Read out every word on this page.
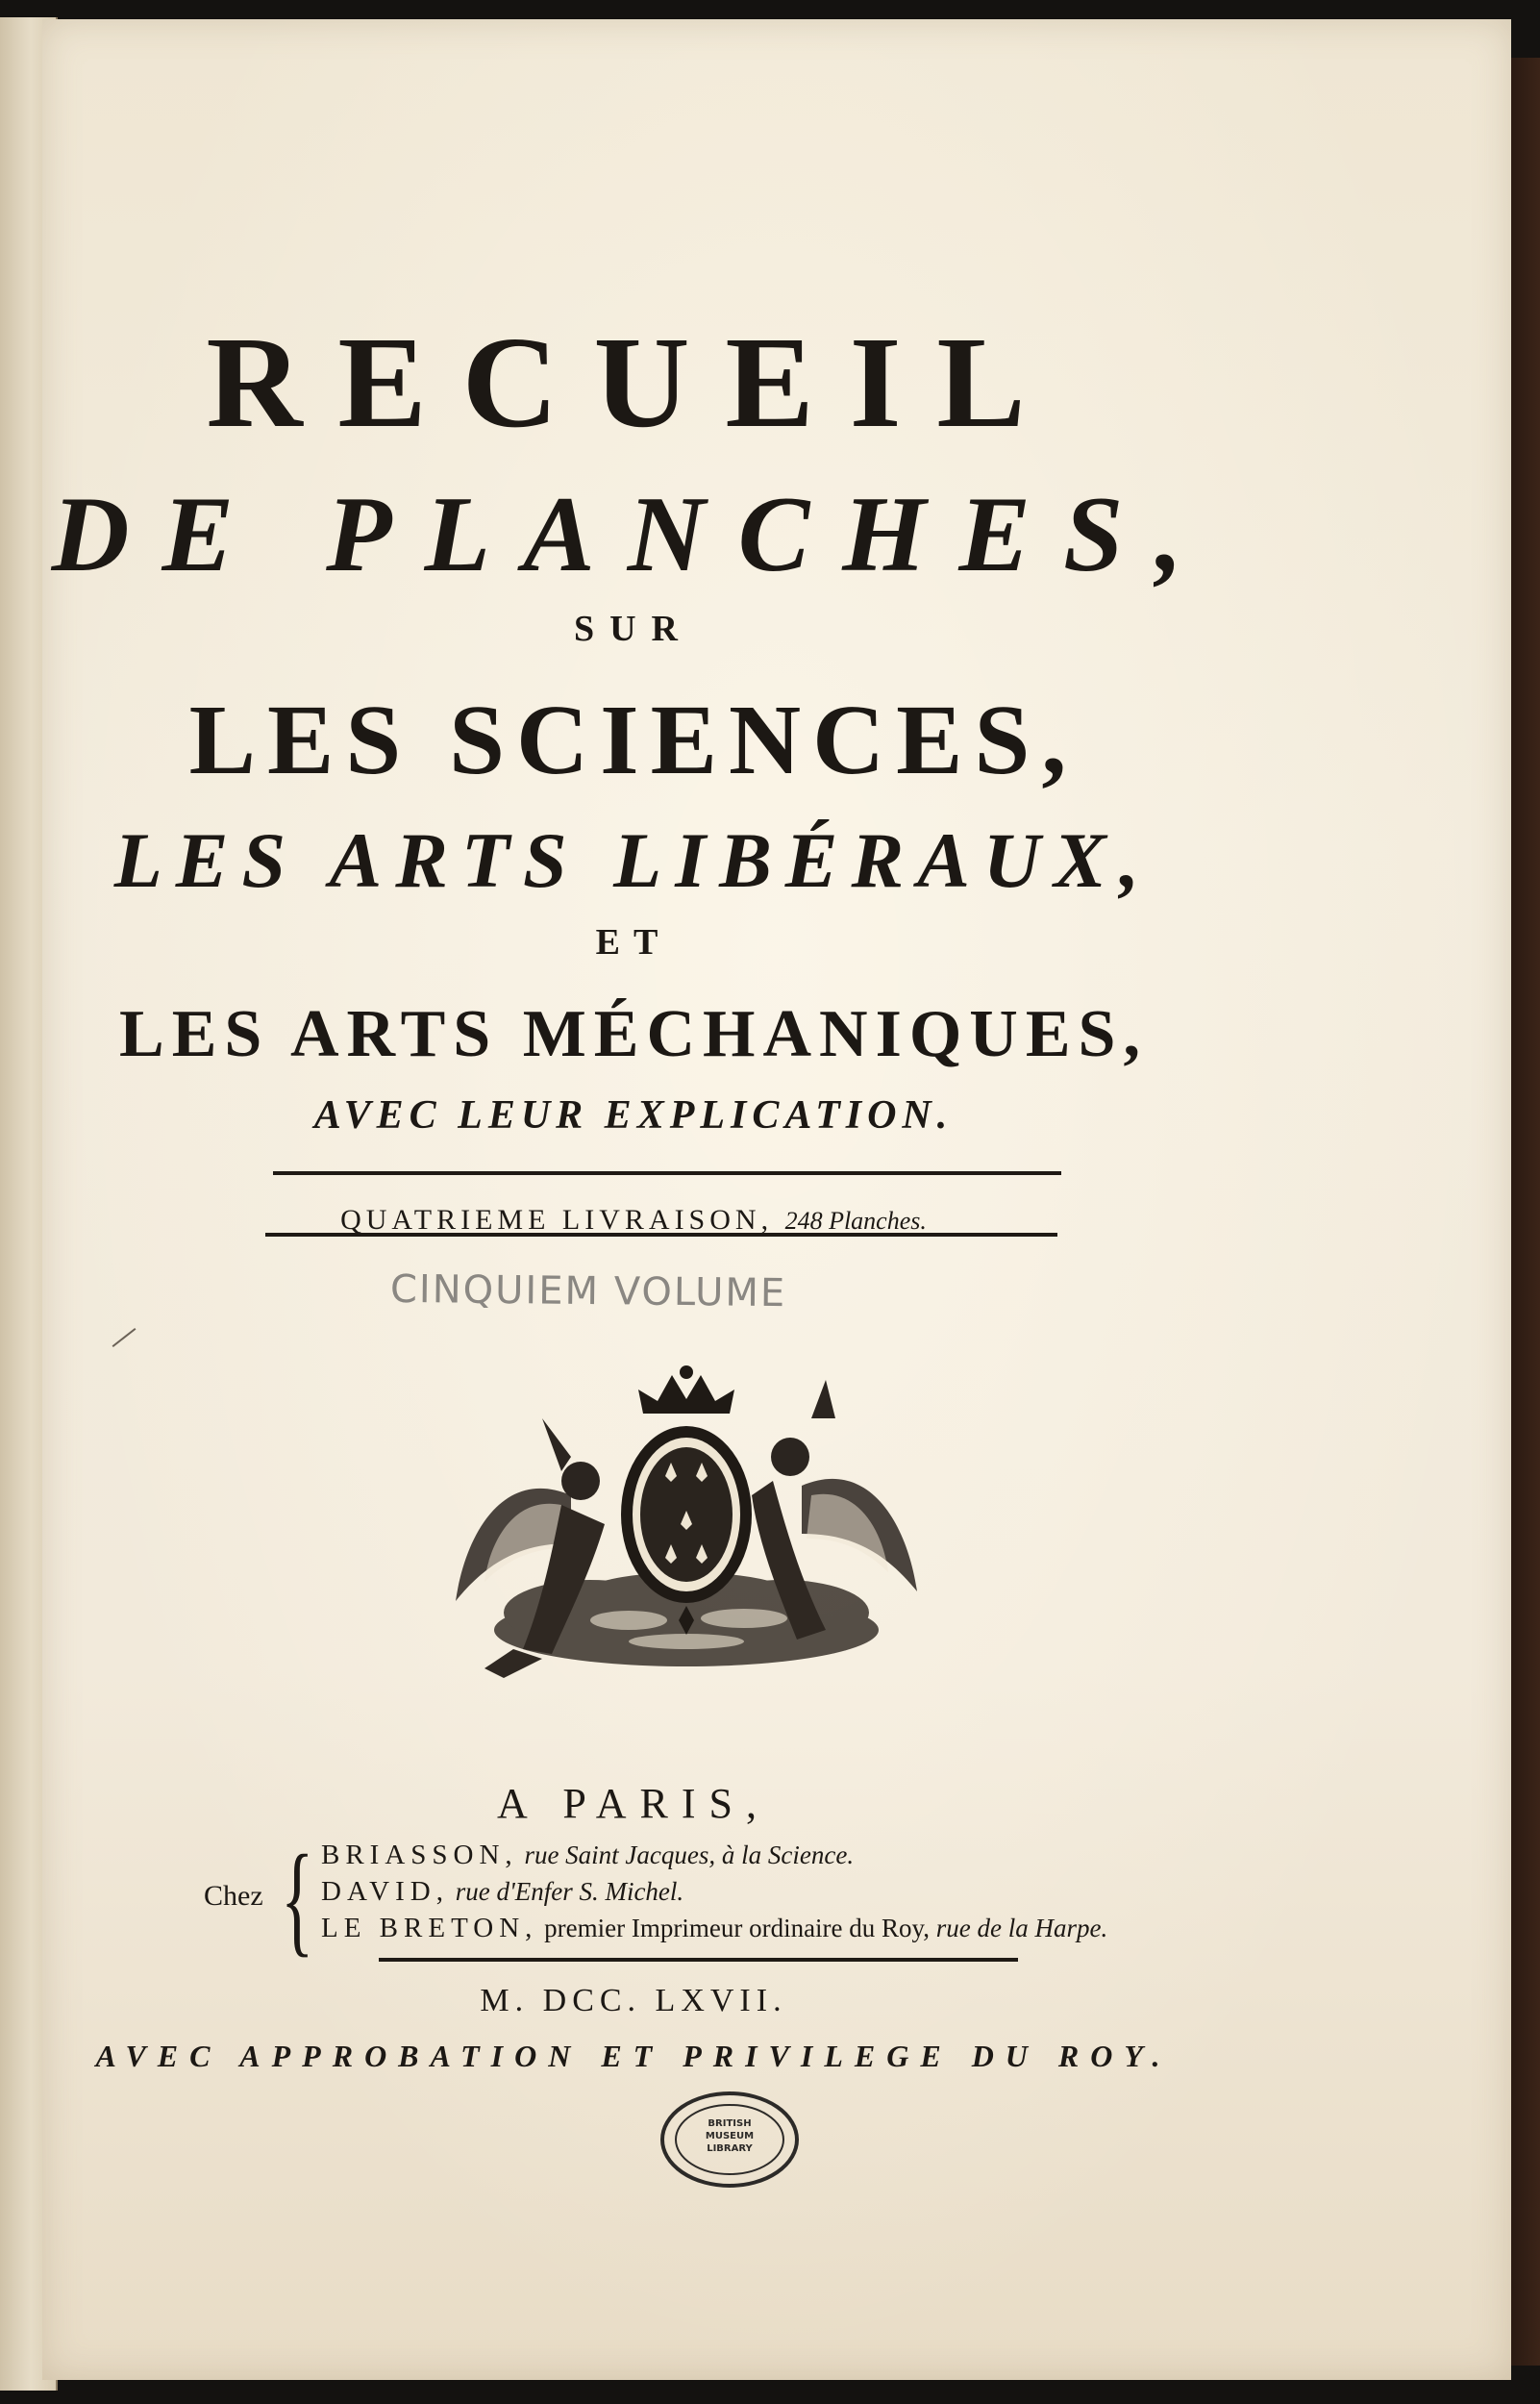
RECUEIL
DE PLANCHES,
SUR
LES SCIENCES,
LES ARTS LIBÉRAUX,
ET
LES ARTS MÉCHANIQUES,
AVEC LEUR EXPLICATION.
QUATRIEME LIVRAISON, 248 Planches.
CINQUIEM VOLUME
A PARIS,
Chez { BRIASSON, rue Saint Jacques, à la Science.
DAVID, rue d'Enfer S. Michel.
LE BRETON, premier Imprimeur ordinaire du Roy, rue de la Harpe.
M. DCC. LXVII.
AVEC APPROBATION ET PRIVILEGE DU ROY.
BRITISH
MUSEUM
LIBRARY
